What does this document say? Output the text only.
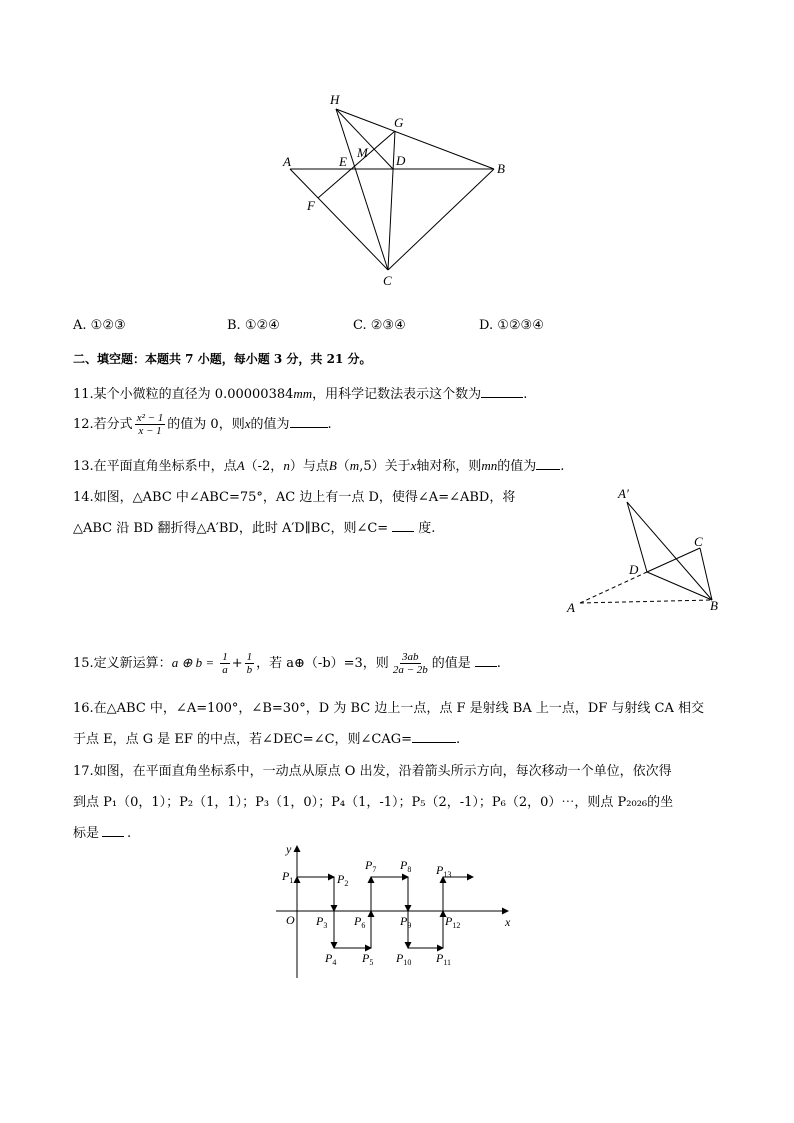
H
G
M
A	E	D
B
F
C
A. ①②③	B. ①②④	C. ②③④	D. ①②③④
二、填空题：本题共 7 小题，每小题 3 分，共 21 分。
11.某个小微粒的直径为 0.00000384mm，用科学记数法表示这个数为	.
12.若分式 $\frac{\text{x² − 1}}{x - 1}$ 的值为 0，则x的值为	.
13.在平面直角坐标系中，点A（-2，n）与点B（m,5）关于x轴对称，则mn的值为 .
14.如图，△ABC 中∠ABC=75°，AC 边上有一点 D，使得∠A=∠ABD，将
△ABC 沿 BD 翻折得△A′BD，此时 A′D∥BC，则∠C= 度.
A′
C
D
A	B
15.定义新运算：a ⊕ $b = \frac{1}{a} + \frac{1}{b}$ ，若 a⊕（-b）=3，则 $\frac{3ab}{2a - 2b}$ 的值是 .
16.在△ABC 中，∠A=100°，∠B=30°，D 为 BC 边上一点，点 F 是射线 BA 上一点，DF 与射线 CA 相交
于点 E，点 G 是 EF 的中点，若∠DEC=∠C，则∠CAG=	.
17.如图，在平面直角坐标系中，一动点从原点 O 出发，沿着箭头所示方向，每次移动一个单位，依次得
到点 P₁（0，1）；P₂（1，1）；P₃（1，0）；P₄（1，-1）；P₅（2，-1）；P₆（2，0）⋯，则点 P₂₀₂₆的坐
标是 .
y
x
O
$P_1$	$P_2$
$P_3$
$P_4$ $P_5$
$P_6$
$P_7$ $P_8$
$P_9$
$P_{10}$ $P_{11}$
$P_{12}$
$P_{13}$
